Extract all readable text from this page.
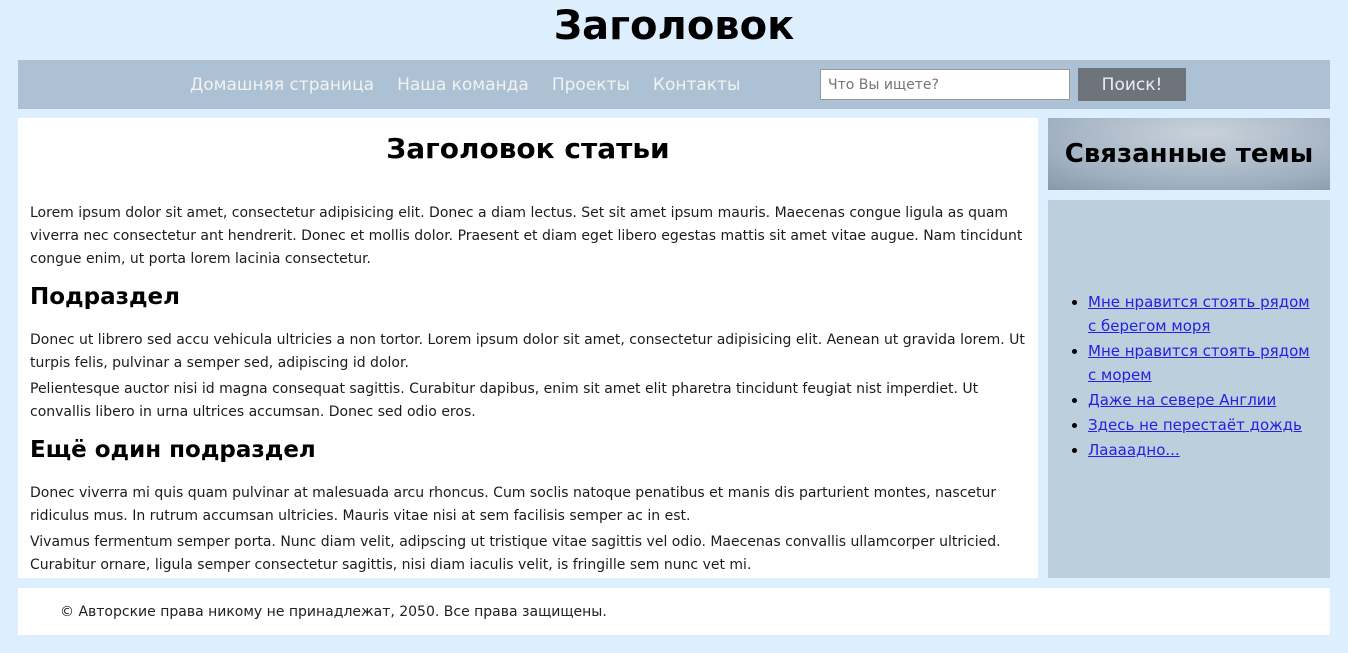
Заголовок
Домашняя страница Наша команда Проекты Контакты
Что Вы ищете?	Поиск!
Заголовок статьи

Lorem ipsum dolor sit amet, consectetur adipisicing elit. Donec a diam lectus. Set sit amet ipsum mauris. Maecenas congue ligula as quam viverra nec consectetur ant hendrerit. Donec et mollis dolor. Praesent et diam eget libero egestas mattis sit amet vitae augue. Nam tincidunt congue enim, ut porta lorem lacinia consectetur.

Подраздел

Donec ut librero sed accu vehicula ultricies a non tortor. Lorem ipsum dolor sit amet, consectetur adipisicing elit. Aenean ut gravida lorem. Ut turpis felis, pulvinar a semper sed, adipiscing id dolor.

Pelientesque auctor nisi id magna consequat sagittis. Curabitur dapibus, enim sit amet elit pharetra tincidunt feugiat nist imperdiet. Ut convallis libero in urna ultrices accumsan. Donec sed odio eros.

Ещё один подраздел

Donec viverra mi quis quam pulvinar at malesuada arcu rhoncus. Cum soclis natoque penatibus et manis dis parturient montes, nascetur ridiculus mus. In rutrum accumsan ultricies. Mauris vitae nisi at sem facilisis semper ac in est.

Vivamus fermentum semper porta. Nunc diam velit, adipscing ut tristique vitae sagittis vel odio. Maecenas convallis ullamcorper ultricied. Curabitur ornare, ligula semper consectetur sagittis, nisi diam iaculis velit, is fringille sem nunc vet mi.

Связанные темы
• Мне нравится стоять рядом с берегом моря
• Мне нравится стоять рядом с морем
• Даже на севере Англии
• Здесь не перестаёт дождь
• Лаааадно...
© Авторские права никому не принадлежат, 2050. Все права защищены.
